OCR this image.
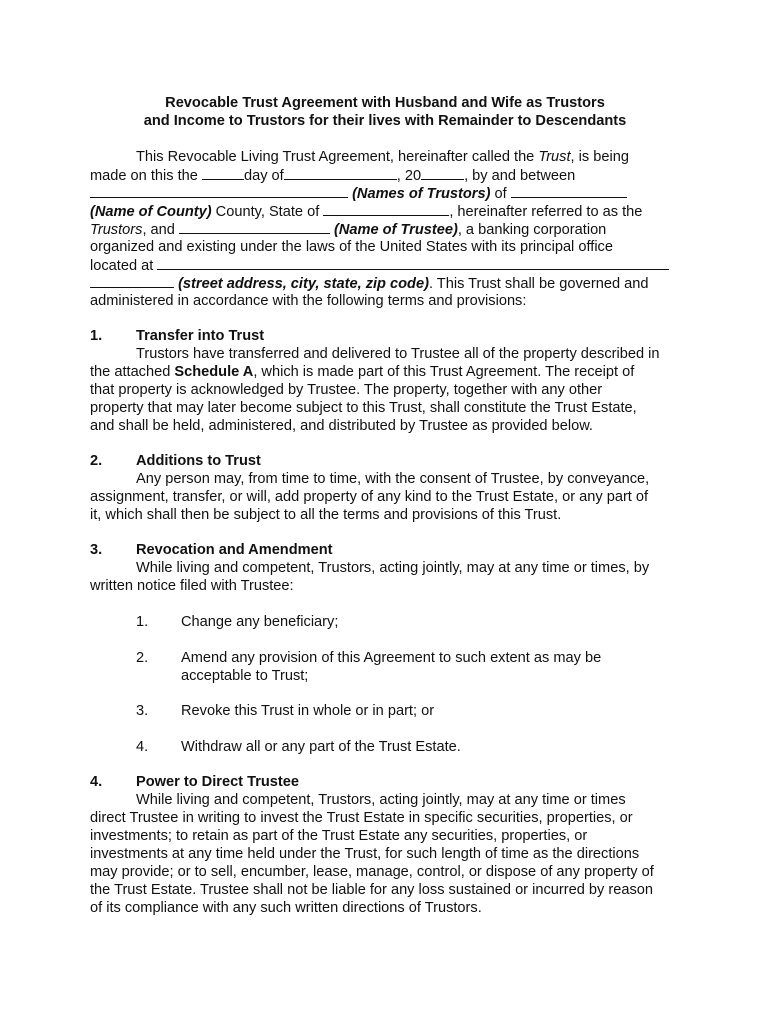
Revocable Trust Agreement with Husband and Wife as Trustors
and Income to Trustors for their lives with Remainder to Descendants
This Revocable Living Trust Agreement, hereinafter called the Trust, is being
made on this the	day of	, 20	, by and between
(Names of Trustors) of
(Name of County) County, State of	, hereinafter referred to as the
Trustors, and	(Name of Trustee), a banking corporation
organized and existing under the laws of the United States with its principal office
located at
(street address, city, state, zip code). This Trust shall be governed and
administered in accordance with the following terms and provisions:
1. Transfer into Trust
Trustors have transferred and delivered to Trustee all of the property described in
the attached Schedule A, which is made part of this Trust Agreement. The receipt of
that property is acknowledged by Trustee. The property, together with any other
property that may later become subject to this Trust, shall constitute the Trust Estate,
and shall be held, administered, and distributed by Trustee as provided below.
2. Additions to Trust
Any person may, from time to time, with the consent of Trustee, by conveyance,
assignment, transfer, or will, add property of any kind to the Trust Estate, or any part of
it, which shall then be subject to all the terms and provisions of this Trust.
3. Revocation and Amendment
While living and competent, Trustors, acting jointly, may at any time or times, by
written notice filed with Trustee:
1. Change any beneficiary;
2. Amend any provision of this Agreement to such extent as may be
acceptable to Trust;
3. Revoke this Trust in whole or in part; or
4. Withdraw all or any part of the Trust Estate.
4. Power to Direct Trustee
While living and competent, Trustors, acting jointly, may at any time or times
direct Trustee in writing to invest the Trust Estate in specific securities, properties, or
investments; to retain as part of the Trust Estate any securities, properties, or
investments at any time held under the Trust, for such length of time as the directions
may provide; or to sell, encumber, lease, manage, control, or dispose of any property of
the Trust Estate. Trustee shall not be liable for any loss sustained or incurred by reason
of its compliance with any such written directions of Trustors.
